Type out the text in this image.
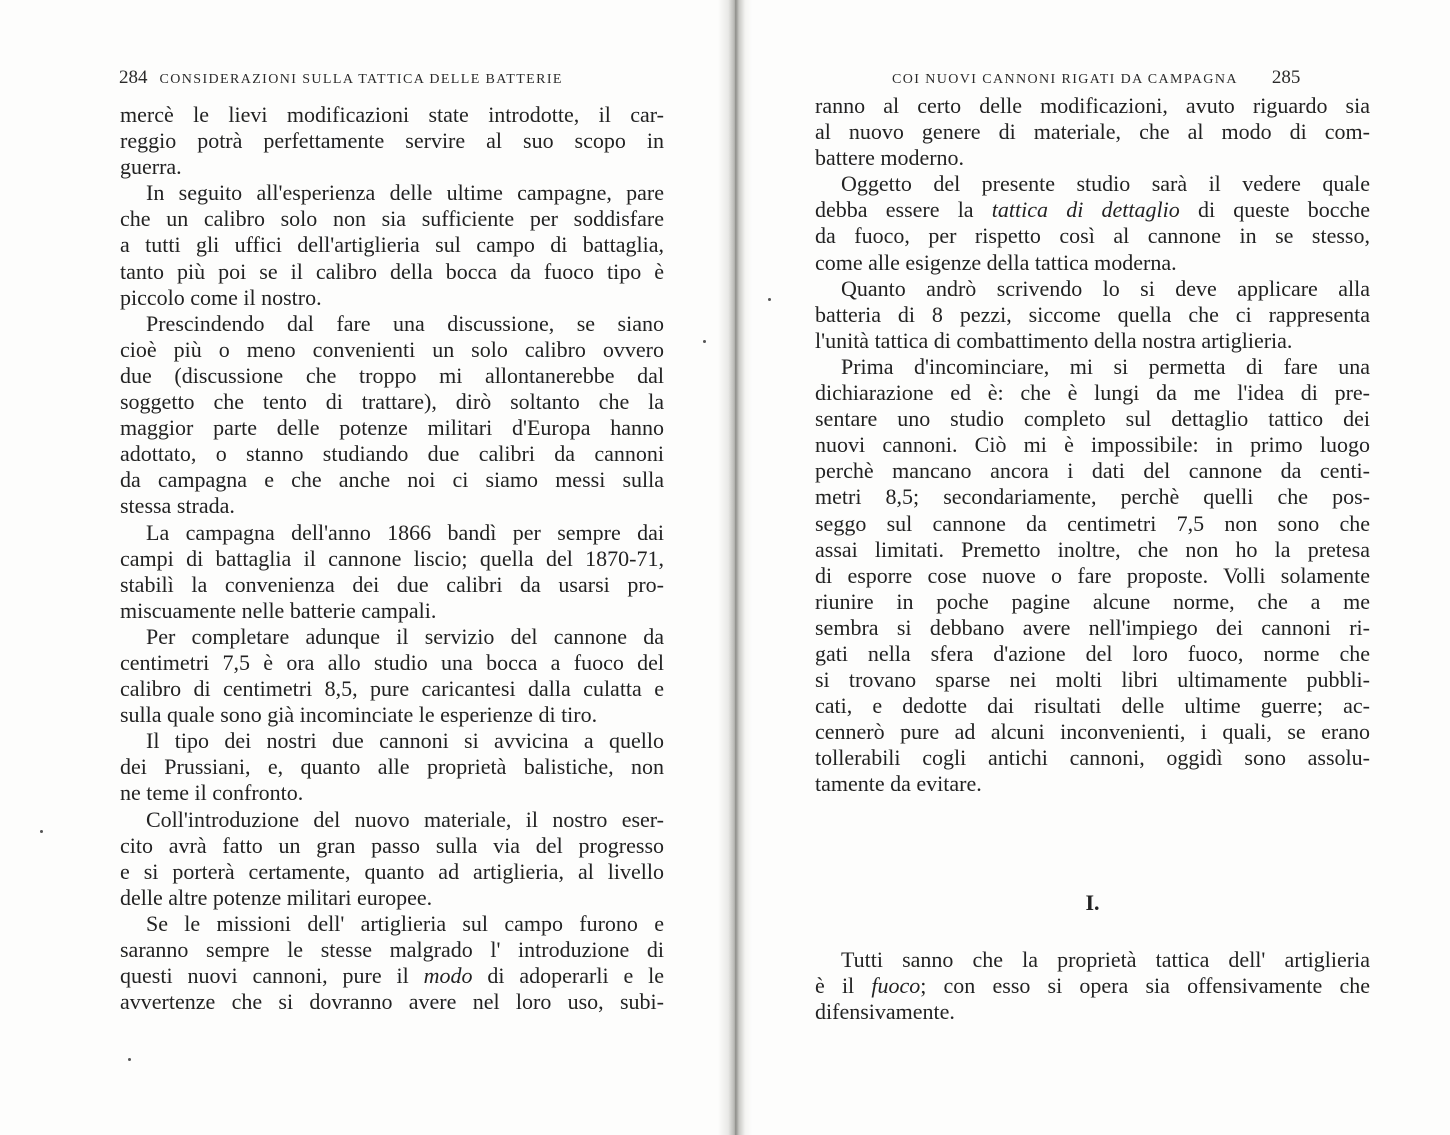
284 CONSIDERAZIONI SULLA TATTICA DELLE BATTERIE
mercè le lievi modificazioni state introdotte, il car-
reggio potrà perfettamente servire al suo scopo in
guerra.
In seguito all'esperienza delle ultime campagne, pare
che un calibro solo non sia sufficiente per soddisfare
a tutti gli uffici dell'artiglieria sul campo di battaglia,
tanto più poi se il calibro della bocca da fuoco tipo è
piccolo come il nostro.
Prescindendo dal fare una discussione, se siano
cioè più o meno convenienti un solo calibro ovvero
due (discussione che troppo mi allontanerebbe dal
soggetto che tento di trattare), dirò soltanto che la
maggior parte delle potenze militari d'Europa hanno
adottato, o stanno studiando due calibri da cannoni
da campagna e che anche noi ci siamo messi sulla
stessa strada.
La campagna dell'anno 1866 bandì per sempre dai
campi di battaglia il cannone liscio; quella del 1870-71,
stabilì la convenienza dei due calibri da usarsi pro-
miscuamente nelle batterie campali.
Per completare adunque il servizio del cannone da
centimetri 7,5 è ora allo studio una bocca a fuoco del
calibro di centimetri 8,5, pure caricantesi dalla culatta e
sulla quale sono già incominciate le esperienze di tiro.
Il tipo dei nostri due cannoni si avvicina a quello
dei Prussiani, e, quanto alle proprietà balistiche, non
ne teme il confronto.
Coll'introduzione del nuovo materiale, il nostro eser-
cito avrà fatto un gran passo sulla via del progresso
e si porterà certamente, quanto ad artiglieria, al livello
delle altre potenze militari europee.
Se le missioni dell' artiglieria sul campo furono e
saranno sempre le stesse malgrado l' introduzione di
questi nuovi cannoni, pure il modo di adoperarli e le
avvertenze che si dovranno avere nel loro uso, subi-
COI NUOVI CANNONI RIGATI DA CAMPAGNA 285
ranno al certo delle modificazioni, avuto riguardo sia
al nuovo genere di materiale, che al modo di com-
battere moderno.
Oggetto del presente studio sarà il vedere quale
debba essere la tattica di dettaglio di queste bocche
da fuoco, per rispetto così al cannone in se stesso,
come alle esigenze della tattica moderna.
Quanto andrò scrivendo lo si deve applicare alla
batteria di 8 pezzi, siccome quella che ci rappresenta
l'unità tattica di combattimento della nostra artiglieria.
Prima d'incominciare, mi si permetta di fare una
dichiarazione ed è: che è lungi da me l'idea di pre-
sentare uno studio completo sul dettaglio tattico dei
nuovi cannoni. Ciò mi è impossibile: in primo luogo
perchè mancano ancora i dati del cannone da centi-
metri 8,5; secondariamente, perchè quelli che pos-
seggo sul cannone da centimetri 7,5 non sono che
assai limitati. Premetto inoltre, che non ho la pretesa
di esporre cose nuove o fare proposte. Volli solamente
riunire in poche pagine alcune norme, che a me
sembra si debbano avere nell'impiego dei cannoni ri-
gati nella sfera d'azione del loro fuoco, norme che
si trovano sparse nei molti libri ultimamente pubbli-
cati, e dedotte dai risultati delle ultime guerre; ac-
cennerò pure ad alcuni inconvenienti, i quali, se erano
tollerabili cogli antichi cannoni, oggidì sono assolu-
tamente da evitare.
I.
Tutti sanno che la proprietà tattica dell' artiglieria
è il fuoco; con esso si opera sia offensivamente che
difensivamente.
